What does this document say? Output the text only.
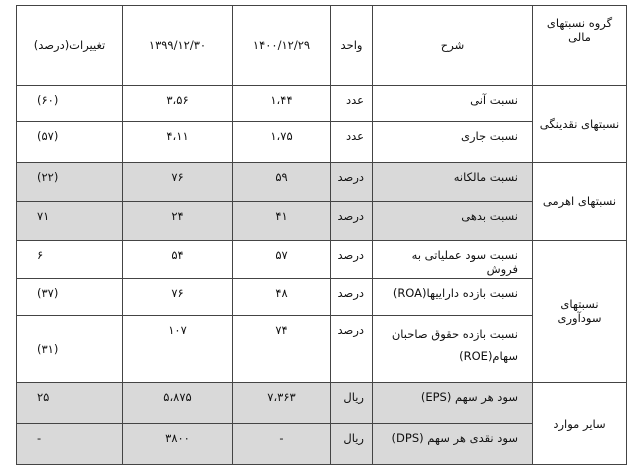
گروه نسبتهای مالی	شرح	واحد	۱۴۰۰/۱۲/۲۹	۱۳۹۹/۱۲/۳۰	تغییرات(درصد)
نسبتهای نقدینگی	نسبت آنی	عدد	۱،۴۴	۳،۵۶	(۶۰)
	نسبت جاری	عدد	۱،۷۵	۴،۱۱	(۵۷)
نسبتهای اهرمی	نسبت مالکانه	درصد	۵۹	۷۶	(۲۲)
	نسبت بدهی	درصد	۴۱	۲۴	۷۱
نسبتهای سودآوری	نسبت سود عملیاتی به فروش	درصد	۵۷	۵۴	۶
	نسبت بازده داراییها(ROA)	درصد	۴۸	۷۶	(۳۷)
	نسبت بازده حقوق صاحبان سهام(ROE)	درصد	۷۴	۱۰۷	(۳۱)
سایر موارد	سود هر سهم (EPS)	ریال	۷،۳۶۳	۵،۸۷۵	۲۵
	سود نقدی هر سهم (DPS)	ریال	-	۳۸۰۰	-
